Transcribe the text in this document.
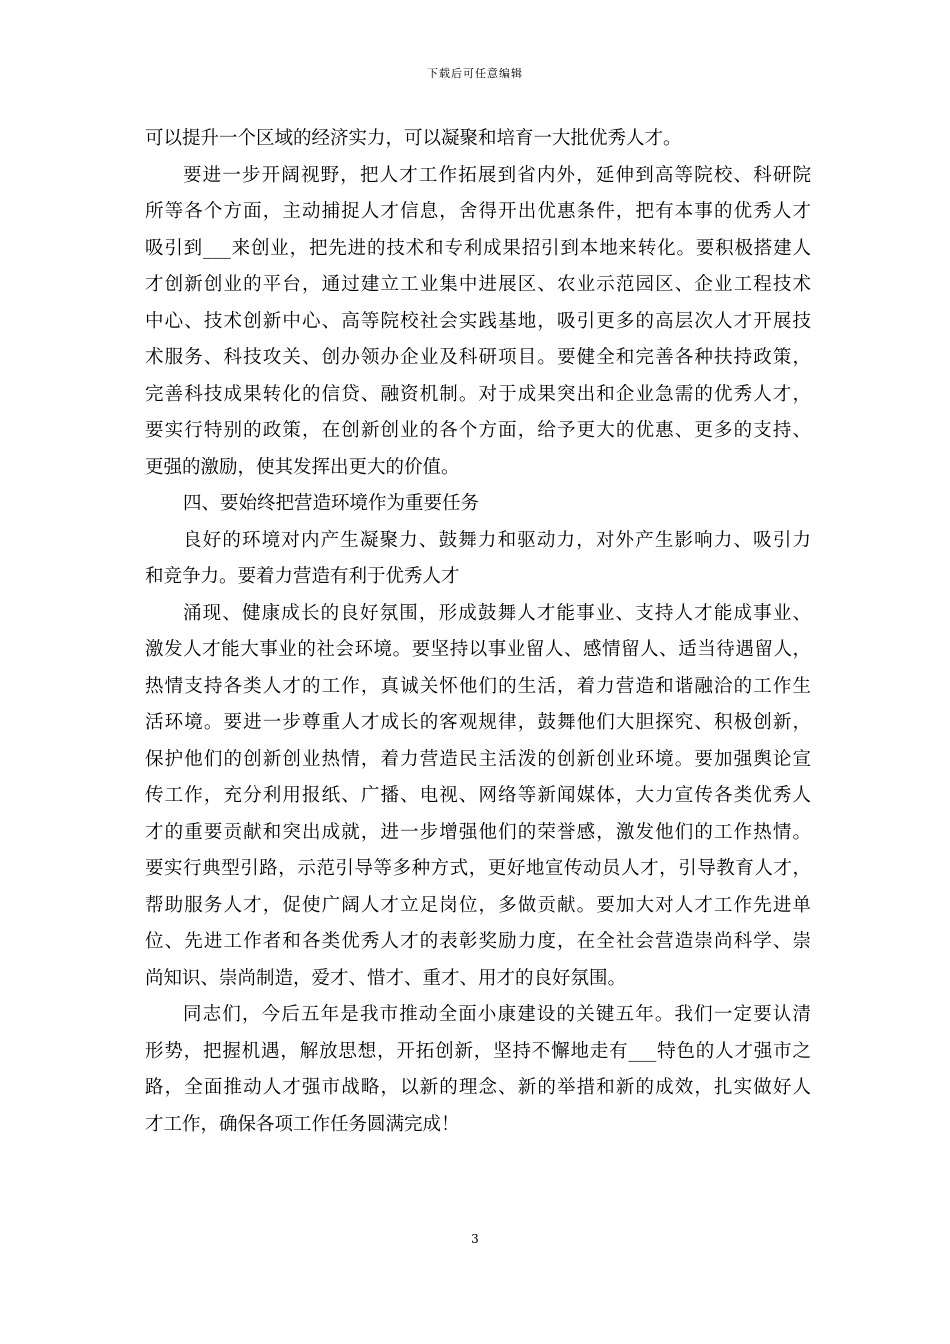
下载后可任意编辑
可以提升一个区域的经济实力，可以凝聚和培育一大批优秀人才。
要进一步开阔视野，把人才工作拓展到省内外，延伸到高等院校、科研院
所等各个方面，主动捕捉人才信息，舍得开出优惠条件，把有本事的优秀人才
吸引到___来创业，把先进的技术和专利成果招引到本地来转化。要积极搭建人
才创新创业的平台，通过建立工业集中进展区、农业示范园区、企业工程技术
中心、技术创新中心、高等院校社会实践基地，吸引更多的高层次人才开展技
术服务、科技攻关、创办领办企业及科研项目。要健全和完善各种扶持政策，
完善科技成果转化的信贷、融资机制。对于成果突出和企业急需的优秀人才，
要实行特别的政策，在创新创业的各个方面，给予更大的优惠、更多的支持、
更强的激励，使其发挥出更大的价值。
四、要始终把营造环境作为重要任务
良好的环境对内产生凝聚力、鼓舞力和驱动力，对外产生影响力、吸引力
和竞争力。要着力营造有利于优秀人才
涌现、健康成长的良好氛围，形成鼓舞人才能事业、支持人才能成事业、
激发人才能大事业的社会环境。要坚持以事业留人、感情留人、适当待遇留人，
热情支持各类人才的工作，真诚关怀他们的生活，着力营造和谐融洽的工作生
活环境。要进一步尊重人才成长的客观规律，鼓舞他们大胆探究、积极创新，
保护他们的创新创业热情，着力营造民主活泼的创新创业环境。要加强舆论宣
传工作，充分利用报纸、广播、电视、网络等新闻媒体，大力宣传各类优秀人
才的重要贡献和突出成就，进一步增强他们的荣誉感，激发他们的工作热情。
要实行典型引路，示范引导等多种方式，更好地宣传动员人才，引导教育人才，
帮助服务人才，促使广阔人才立足岗位，多做贡献。要加大对人才工作先进单
位、先进工作者和各类优秀人才的表彰奖励力度，在全社会营造崇尚科学、崇
尚知识、崇尚制造，爱才、惜才、重才、用才的良好氛围。
同志们，今后五年是我市推动全面小康建设的关键五年。我们一定要认清
形势，把握机遇，解放思想，开拓创新，坚持不懈地走有___特色的人才强市之
路，全面推动人才强市战略，以新的理念、新的举措和新的成效，扎实做好人
才工作，确保各项工作任务圆满完成！
3
